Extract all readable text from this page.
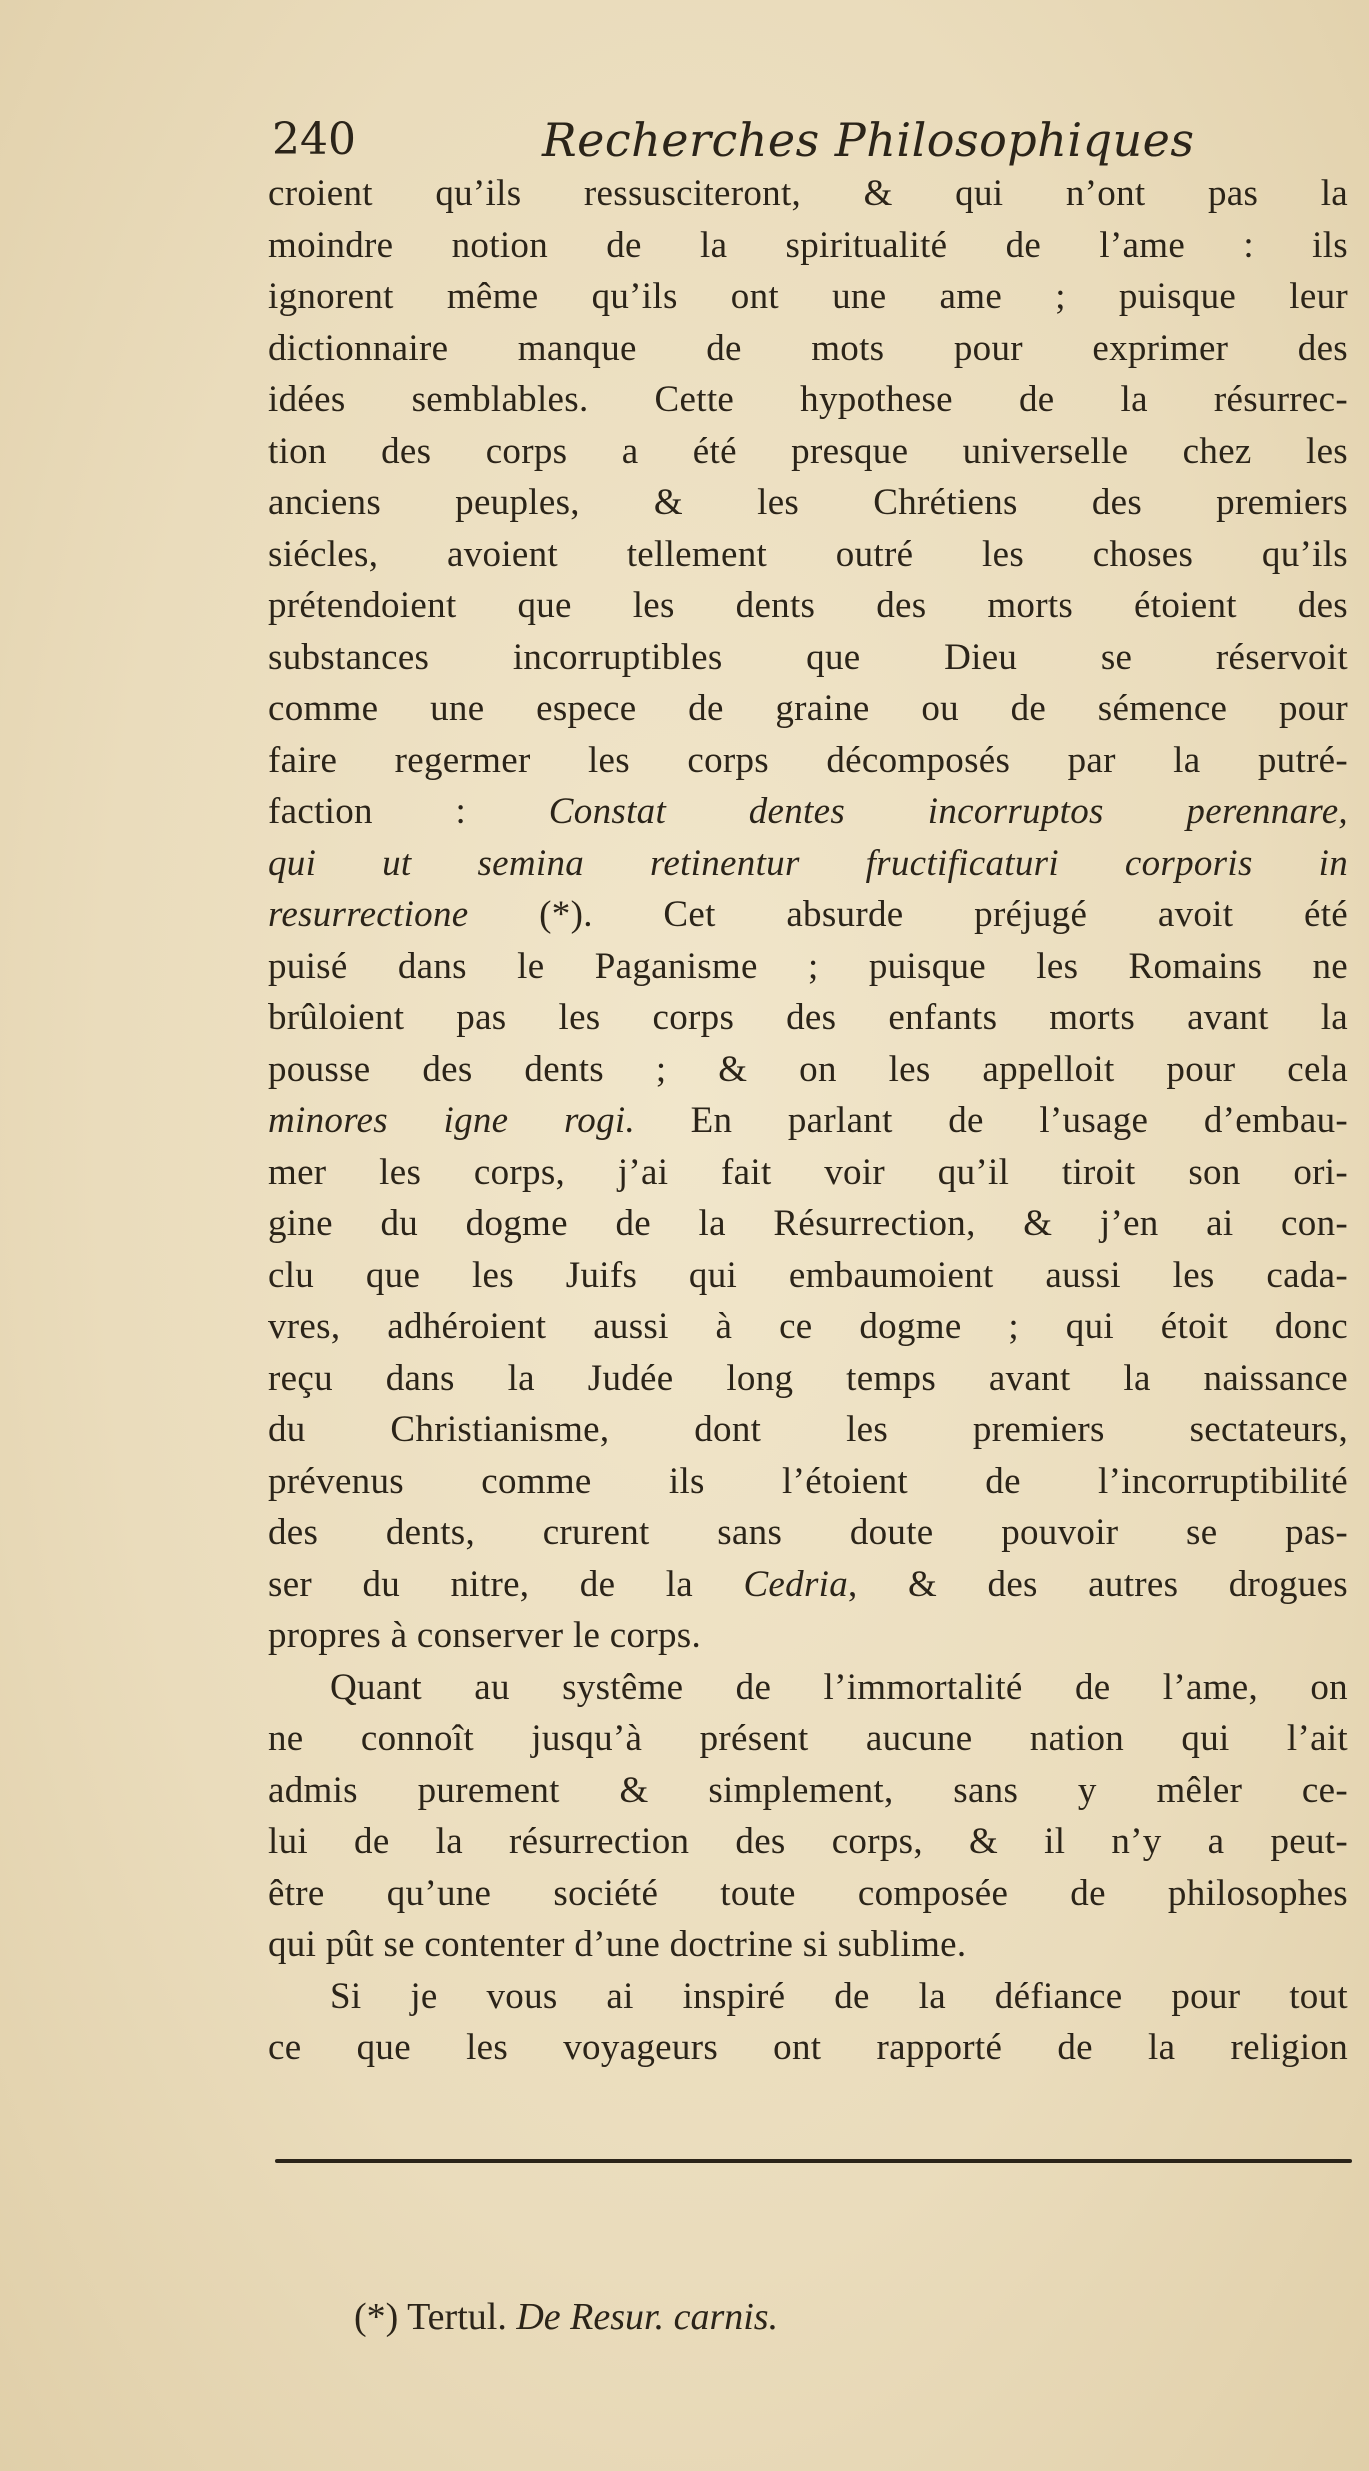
240	Recherches Philosophiques
croient qu’ils ressusciteront, & qui n’ont pas la
moindre notion de la spiritualité de l’ame : ils
ignorent même qu’ils ont une ame ; puisque leur
dictionnaire manque de mots pour exprimer des
idées semblables. Cette hypothese de la résurrec-
tion des corps a été presque universelle chez les
anciens peuples, & les Chrétiens des premiers
siécles, avoient tellement outré les choses qu’ils
prétendoient que les dents des morts étoient des
substances incorruptibles que Dieu se réservoit
comme une espece de graine ou de sémence pour
faire regermer les corps décomposés par la putré-
faction : Constat dentes incorruptos perennare,
qui ut semina retinentur fructificaturi corporis in
resurrectione (*). Cet absurde préjugé avoit été
puisé dans le Paganisme ; puisque les Romains ne
brûloient pas les corps des enfants morts avant la
pousse des dents ; & on les appelloit pour cela
minores igne rogi. En parlant de l’usage d’embau-
mer les corps, j’ai fait voir qu’il tiroit son ori-
gine du dogme de la Résurrection, & j’en ai con-
clu que les Juifs qui embaumoient aussi les cada-
vres, adhéroient aussi à ce dogme ; qui étoit donc
reçu dans la Judée long temps avant la naissance
du Christianisme, dont les premiers sectateurs,
prévenus comme ils l’étoient de l’incorruptibilité
des dents, crurent sans doute pouvoir se pas-
ser du nitre, de la Cedria, & des autres drogues
propres à conserver le corps.
Quant au systême de l’immortalité de l’ame, on
ne connoît jusqu’à présent aucune nation qui l’ait
admis purement & simplement, sans y mêler ce-
lui de la résurrection des corps, & il n’y a peut-
être qu’une société toute composée de philosophes
qui pût se contenter d’une doctrine si sublime.
Si je vous ai inspiré de la défiance pour tout
ce que les voyageurs ont rapporté de la religion
(*) Tertul. De Resur. carnis.
